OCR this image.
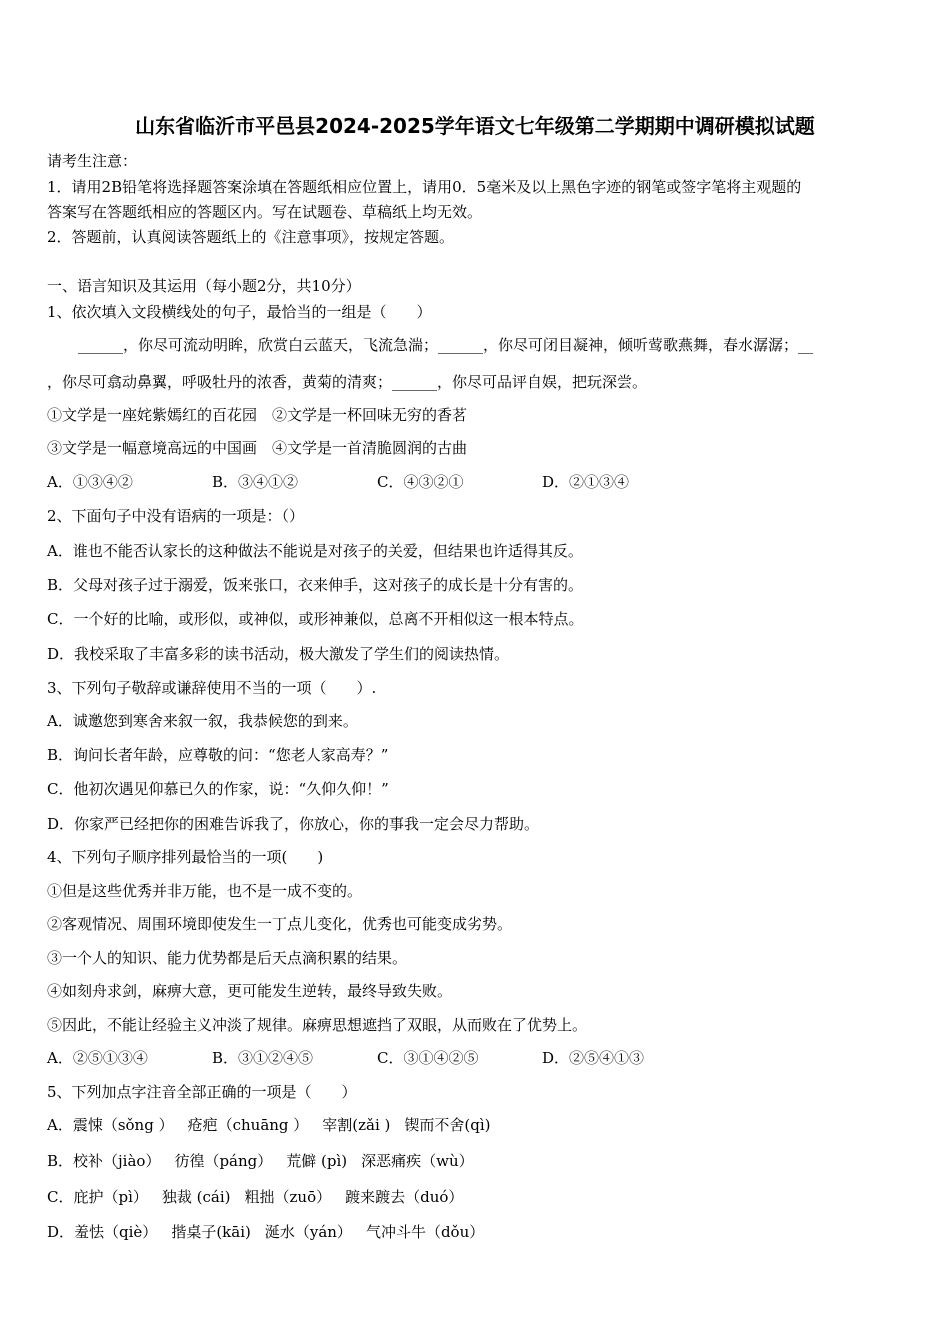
山东省临沂市平邑县2024-2025学年语文七年级第二学期期中调研模拟试题
请考生注意：
1．请用2B铅笔将选择题答案涂填在答题纸相应位置上，请用0．5毫米及以上黑色字迹的钢笔或签字笔将主观题的
答案写在答题纸相应的答题区内。写在试题卷、草稿纸上均无效。
2．答题前，认真阅读答题纸上的《注意事项》，按规定答题。
一、语言知识及其运用（每小题2分，共10分）
1、依次填入文段横线处的句子，最恰当的一组是（　　）
______，你尽可流动明眸，欣赏白云蓝天，飞流急湍；______，你尽可闭目凝神，倾听莺歌燕舞，春水潺潺；__
，你尽可翕动鼻翼，呼吸牡丹的浓香，黄菊的清爽；______，你尽可品评自娱，把玩深尝。
①文学是一座姹紫嫣红的百花园　②文学是一杯回味无穷的香茗
③文学是一幅意境高远的中国画　④文学是一首清脆圆润的古曲
A．①③④②	B．③④①②	C．④③②①	D．②①③④
2、下面句子中没有语病的一项是：（）
A．谁也不能否认家长的这种做法不能说是对孩子的关爱，但结果也许适得其反。
B．父母对孩子过于溺爱，饭来张口，衣来伸手，这对孩子的成长是十分有害的。
C．一个好的比喻，或形似，或神似，或形神兼似，总离不开相似这一根本特点。
D．我校采取了丰富多彩的读书活动，极大激发了学生们的阅读热情。
3、下列句子敬辞或谦辞使用不当的一项（　　）.
A．诚邀您到寒舍来叙一叙，我恭候您的到来。
B．询问长者年龄，应尊敬的问：“您老人家高寿？”
C．他初次遇见仰慕已久的作家，说：“久仰久仰！”
D．你家严已经把你的困难告诉我了，你放心，你的事我一定会尽力帮助。
4、下列句子顺序排列最恰当的一项(　　)
①但是这些优秀并非万能，也不是一成不变的。
②客观情况、周围环境即使发生一丁点儿变化，优秀也可能变成劣势。
③一个人的知识、能力优势都是后天点滴积累的结果。
④如刻舟求剑，麻痹大意，更可能发生逆转，最终导致失败。
⑤因此，不能让经验主义冲淡了规律。麻痹思想遮挡了双眼，从而败在了优势上。
A．②⑤①③④	B．③①②④⑤	C．③①④②⑤	D．②⑤④①③
5、下列加点字注音全部正确的一项是（　　）
A．震悚（sǒng ） 疮疤（chuāng ） 宰割(zǎi ) 锲而不舍(qì)
B．校补（jiào） 彷徨（páng） 荒僻 (pì) 深恶痛疾（wù）
C．庇护（pì） 独裁 (cái) 粗拙（zuō） 踱来踱去（duó）
D．羞怯（qiè） 揩桌子(kāi) 涎水（yán） 气冲斗牛（dǒu）
